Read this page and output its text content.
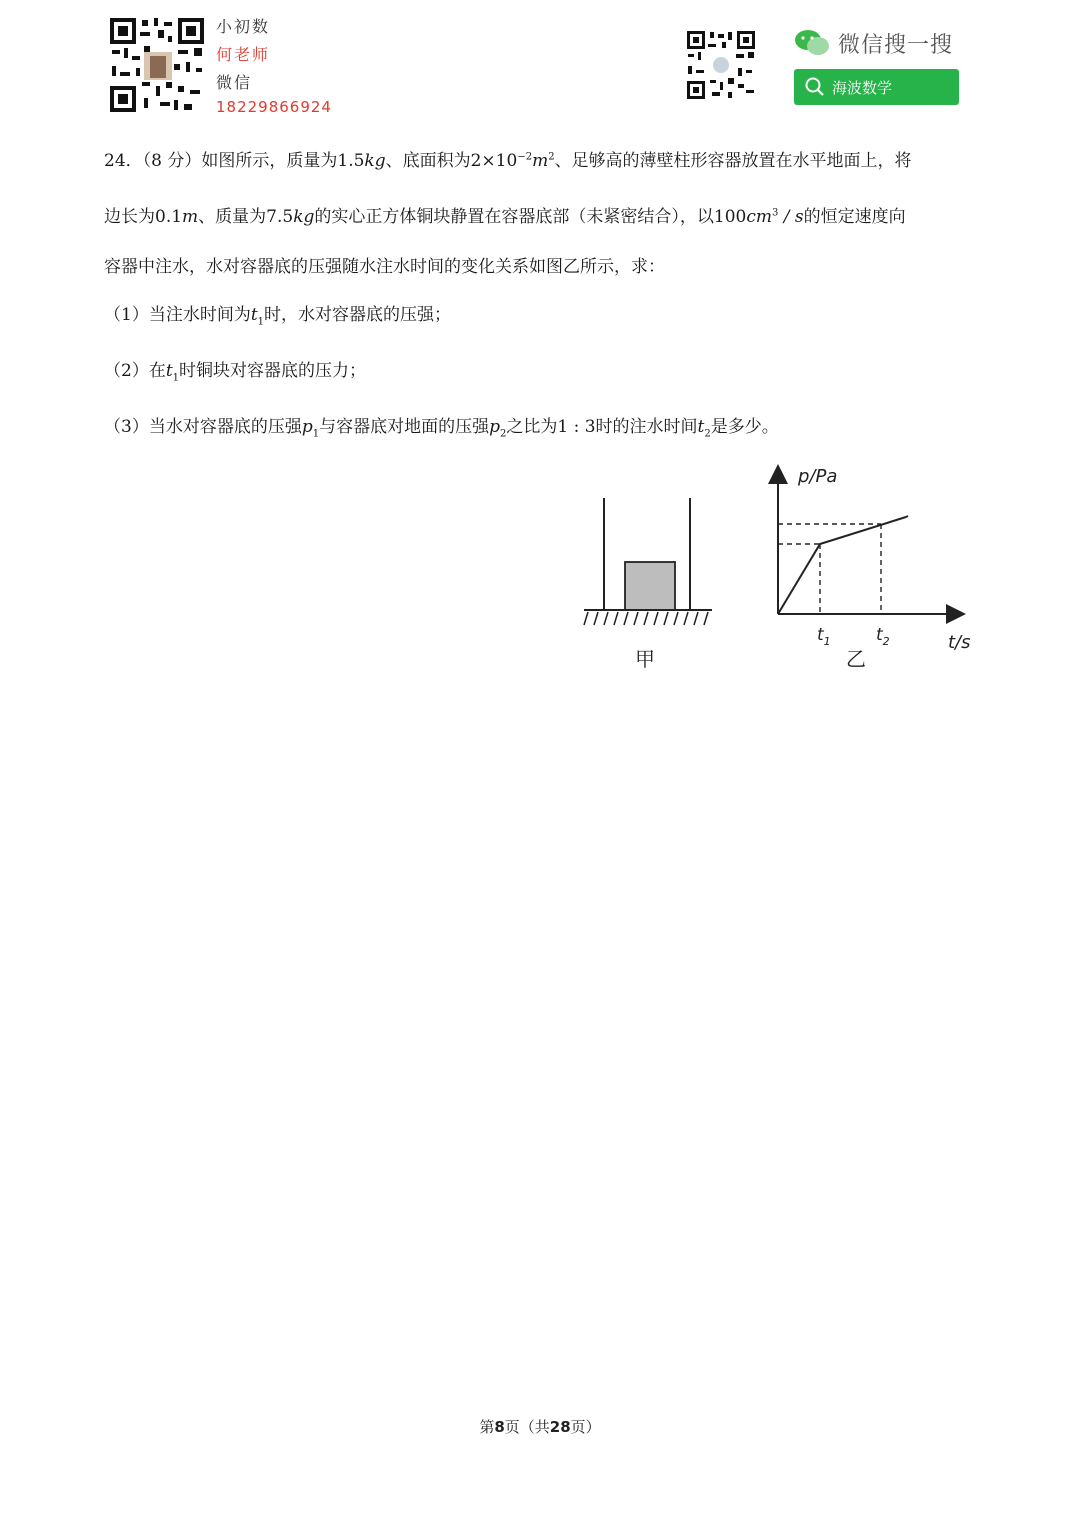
小初数
何老师
微信
18229866924
微信搜一搜
海波数学
24．（8 分）如图所示，质量为1.5kg、底面积为$2\times 10^{-2}m^2$、足够高的薄壁柱形容器放置在水平地面上，将
边长为0.1m、质量为7.5kg的实心正方体铜块静置在容器底部（未紧密结合），以$100cm^3$ / s的恒定速度向
容器中注水，水对容器底的压强随水注水时间的变化关系如图乙所示，求：
（1）当注水时间为$t_1$时，水对容器底的压强；
（2）在$t_1$时铜块对容器底的压力；
（3）当水对容器底的压强$p_1$与容器底对地面的压强$p_2$之比为1 : 3时的注水时间$t_2$是多少。
甲
p/Pa
t/s
$t_1$	$t_2$
乙
第8页（共28页）
